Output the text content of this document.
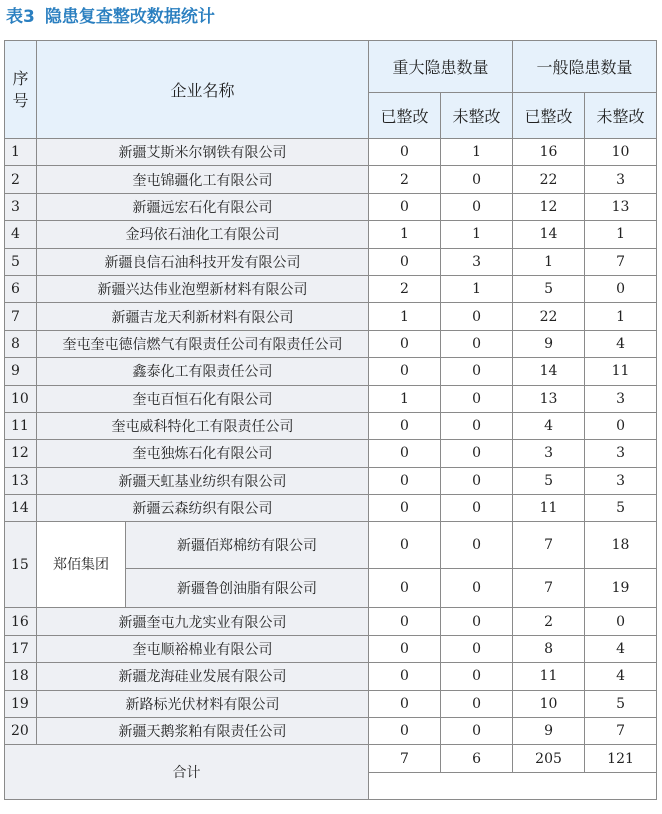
表3 隐患复查整改数据统计
序号	企业名称		重大隐患数量		一般隐患数量	
			已整改	未整改	已整改	未整改
1	新疆艾斯米尔钢铁有限公司		0	1	16	10
2	奎屯锦疆化工有限公司		2	0	22	3
3	新疆远宏石化有限公司		0	0	12	13
4	金玛依石油化工有限公司		1	1	14	1
5	新疆良信石油科技开发有限公司		0	3	1	7
6	新疆兴达伟业泡塑新材料有限公司		2	1	5	0
7	新疆吉龙天利新材料有限公司		1	0	22	1
8	奎屯奎屯德信燃气有限责任公司有限责任公司		0	0	9	4
9	鑫泰化工有限责任公司		0	0	14	11
10	奎屯百恒石化有限公司		1	0	13	3
11	奎屯威科特化工有限责任公司		0	0	4	0
12	奎屯独炼石化有限公司		0	0	3	3
13	新疆天虹基业纺织有限公司		0	0	5	3
14	新疆云森纺织有限公司		0	0	11	5
15	郑佰集团	新疆佰郑棉纺有限公司	0	0	7	18
		新疆鲁创油脂有限公司	0	0	7	19
16	新疆奎屯九龙实业有限公司		0	0	2	0
17	奎屯顺裕棉业有限公司		0	0	8	4
18	新疆龙海硅业发展有限公司		0	0	11	4
19	新路标光伏材料有限公司		0	0	10	5
20	新疆天鹅浆粕有限责任公司		0	0	9	7
合计			7	6	205	121
